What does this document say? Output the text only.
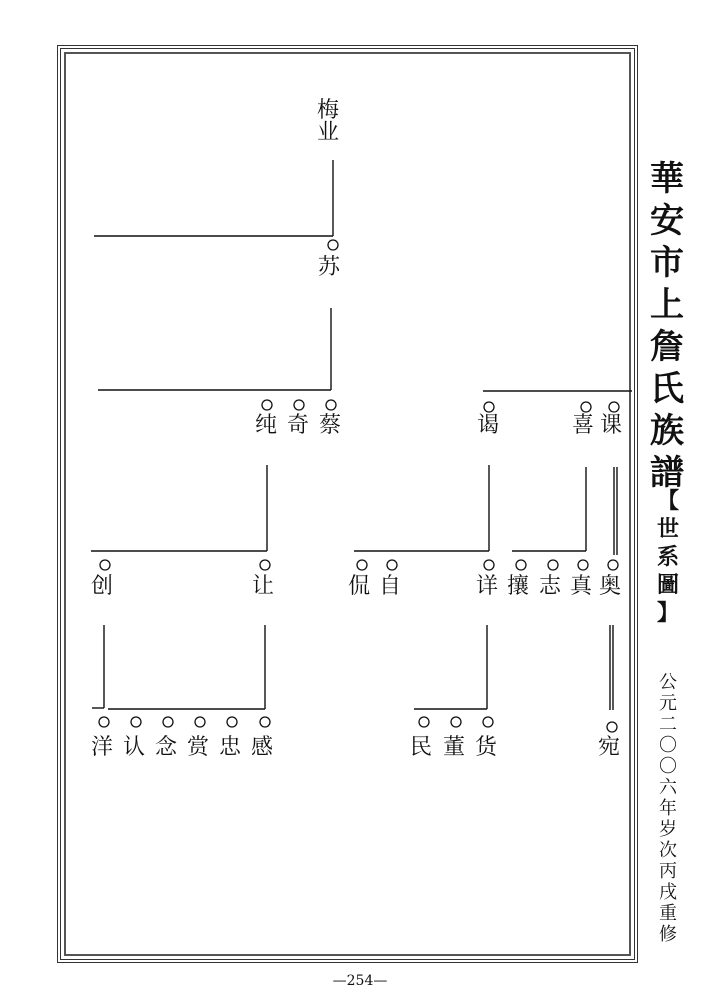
梅
业
苏
纯 奇 蔡	谒	喜 课
创	让	侃 自	详 攘 志 真 奥
洋 认 念 赏 忠 感	民 董 货	宛
華
安
市
上
詹
氏
族
譜
【
世
系
圖
】
公
元
二
〇
〇
六
年
岁
次
丙
戌
重
修
—254—
